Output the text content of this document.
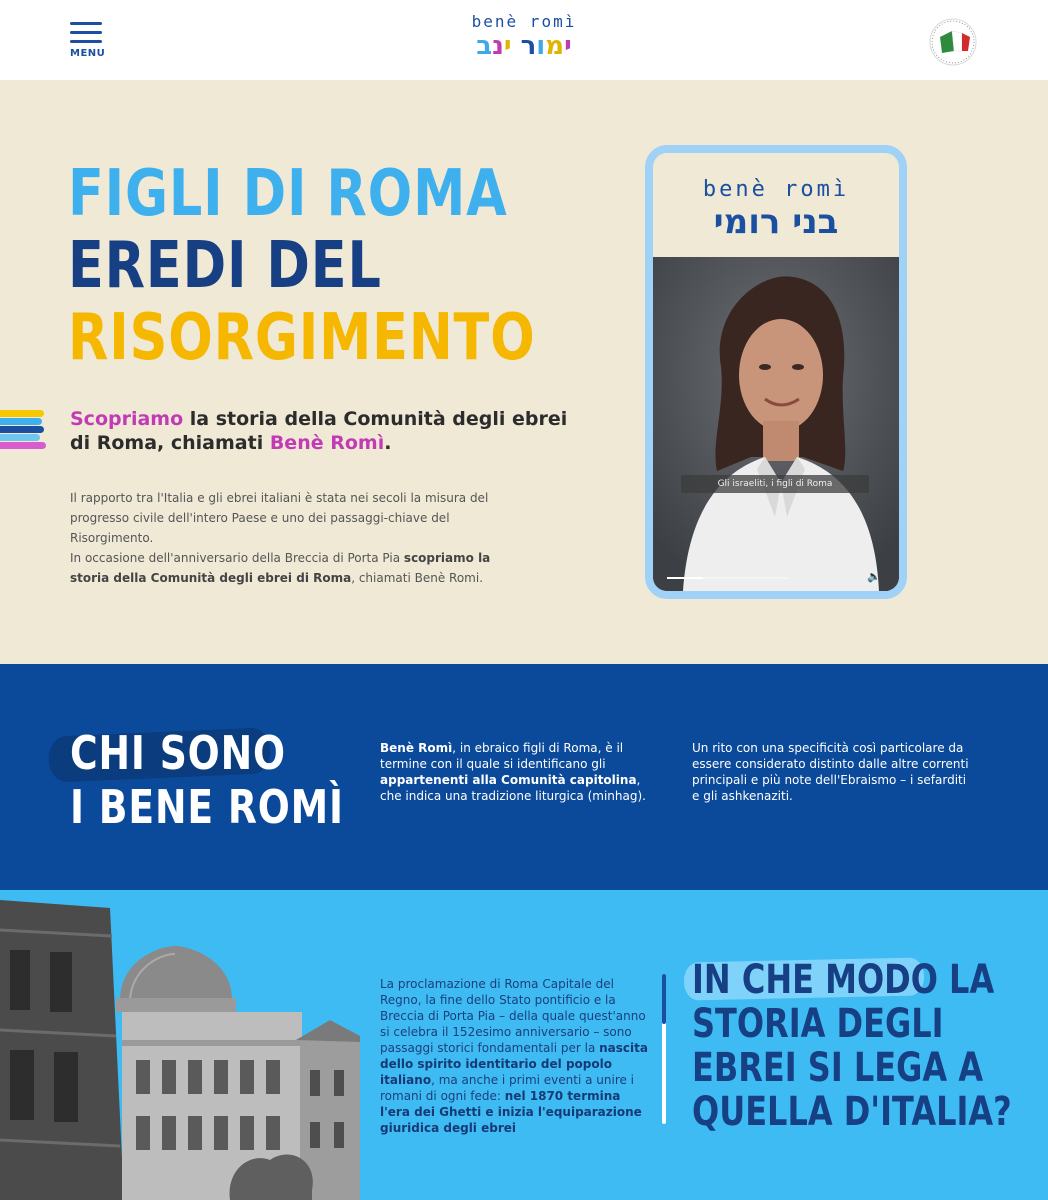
MENU
benè romì
ימור ינב
FIGLI DI ROMA
EREDI DEL
RISORGIMENTO
Scopriamo la storia della Comunità degli ebrei di Roma, chiamati Benè Romì.

Il rapporto tra l'Italia e gli ebrei italiani è stata nei secoli la misura del progresso civile dell'intero Paese e uno dei passaggi-chiave del Risorgimento.

In occasione dell'anniversario della Breccia di Porta Pia scopriamo la storia della Comunità degli ebrei di Roma, chiamati Benè Romi.

benè romì
בני רומי
Gli israeliti, i figli di Roma
⛶ 🔈
CHI SONO
I BENE ROMÌ

Benè Romì, in ebraico figli di Roma, è il termine con il quale si identificano gli appartenenti alla Comunità capitolina, che indica una tradizione liturgica (minhag).

Un rito con una specificità così particolare da essere considerato distinto dalle altre correnti principali e più note dell'Ebraismo – i sefarditi e gli ashkenaziti.

La proclamazione di Roma Capitale del Regno, la fine dello Stato pontificio e la Breccia di Porta Pia – della quale quest'anno si celebra il 152esimo anniversario – sono passaggi storici fondamentali per la nascita dello spirito identitario del popolo italiano, ma anche i primi eventi a unire i romani di ogni fede: nel 1870 termina l'era dei Ghetti e inizia l'equiparazione giuridica degli ebrei

IN CHE MODO LA
STORIA DEGLI
EBREI SI LEGA A
QUELLA D'ITALIA?
